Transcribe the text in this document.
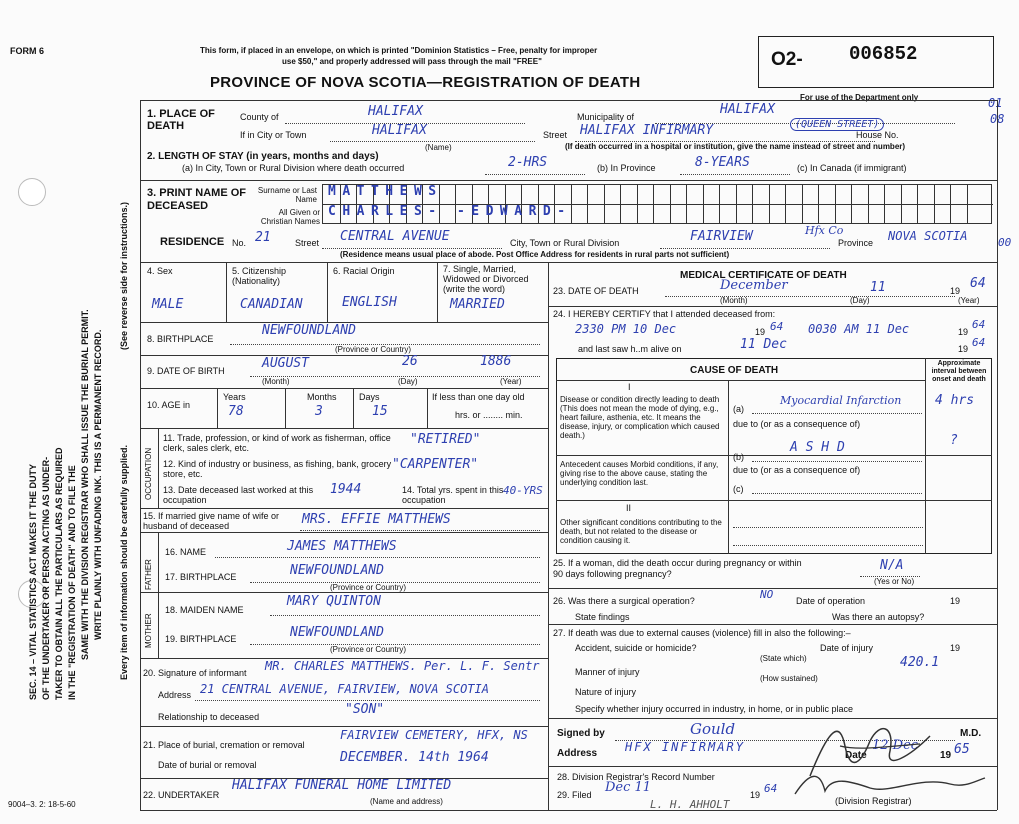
FORM 6	This form, if placed in an envelope, on which is printed "Dominion Statistics – Free, penalty for improper
use $50," and properly addressed will pass through the mail "FREE"
PROVINCE OF NOVA SCOTIA—REGISTRATION OF DEATH
O2- 006852
For use of the Department only	01
08
SEC. 14 – VITAL STATISTICS ACT MAKES IT THE DUTY OF THE UNDERTAKER OR PERSON ACTING AS UNDER- TAKER TO OBTAIN ALL THE PARTICULARS AS REQUIRED IN THE "REGISTRATION OF DEATH" AND TO FILE THE SAME WITH THE DIVISION REGISTRAR WHO SHALL ISSUE THE BURIAL PERMIT. WRITE PLAINLY WITH UNFADING INK. THIS IS A PERMANENT RECORD.
(See reverse side for instructions.)
Every item of information should be carefully supplied.
9004–3. 2: 18-5-60
1. PLACE OF DEATH
County of	HALIFAX	Municipality of	HALIFAX
If in City or Town	HALIFAX
(Name)
Street HALIFAX INFIRMARY	(QUEEN STREET)
House No.
(If death occurred in a hospital or institution, give the name instead of street and number)
2. LENGTH OF STAY (in years, months and days)
(a) In City, Town or Rural Division where death occurred	2-HRS	(b) In Province	8-YEARS	(c) In Canada (if immigrant)
3. PRINT NAME OF DECEASED
Surname or Last Name
All Given or Christian Names
MATTHEWS
CHARLES- -EDWARD-
RESIDENCE No. 21	Street CENTRAL AVENUE	City, Town or Rural Division	FAIRVIEW	Hfx Co
Province NOVA SCOTIA	00
(Residence means usual place of abode. Post Office Address for residents in rural parts not sufficient)
4. Sex	5. Citizenship (Nationality)
6. Racial Origin	7. Single, Married, Widowed or Divorced (write the word)
MALE	CANADIAN	ENGLISH	MARRIED
8. BIRTHPLACE
NEWFOUNDLAND
(Province or Country)
9. DATE OF BIRTH	AUGUST	26	1886
(Month)	(Day)	(Year)
10. AGE in
Years	Months Days
78	3	15
If less than one day old
hrs. or ........ min.
OCCUPATION
11. Trade, profession, or kind of work as fisherman, office clerk, sales clerk, etc.
"RETIRED"
12. Kind of industry or business, as fishing, bank, grocery store, etc.
"CARPENTER"
13. Date deceased last worked at this occupation
1944	14. Total yrs. spent in this occupation
40-YRS
15. If married give name of wife or husband of deceased	MRS. EFFIE MATTHEWS
FATHER
16. NAME	JAMES MATTHEWS
17. BIRTHPLACE	NEWFOUNDLAND
(Province or Country)
MOTHER
18. MAIDEN NAME
MARY QUINTON
19. BIRTHPLACE	NEWFOUNDLAND
(Province or Country)
20. Signature of informant MR. CHARLES MATTHEWS. Per. L. F. Sentr
Address 21 CENTRAL AVENUE, FAIRVIEW, NOVA SCOTIA
Relationship to deceased	"SON"
21. Place of burial, cremation or removal
FAIRVIEW CEMETERY, HFX, NS
Date of burial or removal	DECEMBER. 14th 1964
22. UNDERTAKER
HALIFAX FUNERAL HOME LIMITED
(Name and address)
MEDICAL CERTIFICATE OF DEATH
23. DATE OF DEATH	December	11	19 64
(Month)	(Day)	(Year)
24. I HEREBY CERTIFY that I attended deceased from:
2330 PM 10 Dec	19 64 0030 AM 11 Dec	19
64
and last saw h..m alive on	11 Dec	19 64
CAUSE OF DEATH
Approximate interval between onset and death
I
Disease or condition directly leading to death (This does not mean the mode of dying, e.g., heart failure, asthenia, etc. It means the disease, injury, or complication which caused death.)
(a)
Myocardial Infarction	4 hrs
due to (or as a consequence of)
Antecedent causes Morbid conditions, if any, giving rise to the above cause, stating the underlying condition last.
(b)
A S H D	?
due to (or as a consequence of)
(c)
II
Other significant conditions contributing to the death, but not related to the disease or condition causing it.
25. If a woman, did the death occur during pregnancy or within 90 days following pregnancy?
N/A
(Yes or No)
26. Was there a surgical operation?	NO	Date of operation	19
State findings	Was there an autopsy?
27. If death was due to external causes (violence) fill in also the following:–
Accident, suicide or homicide?
(State which)
Date of injury	19
420.1
Manner of injury
(How sustained)
Nature of injury
Specify whether injury occurred in industry, in home, or in public place
Signed by	Gould	M.D.
Address HFX INFIRMARY
Date
12 Dec
19 65
28. Division Registrar's Record Number
29. Filed Dec 11	19 64
(Division Registrar)
L. H. AHHOLT
